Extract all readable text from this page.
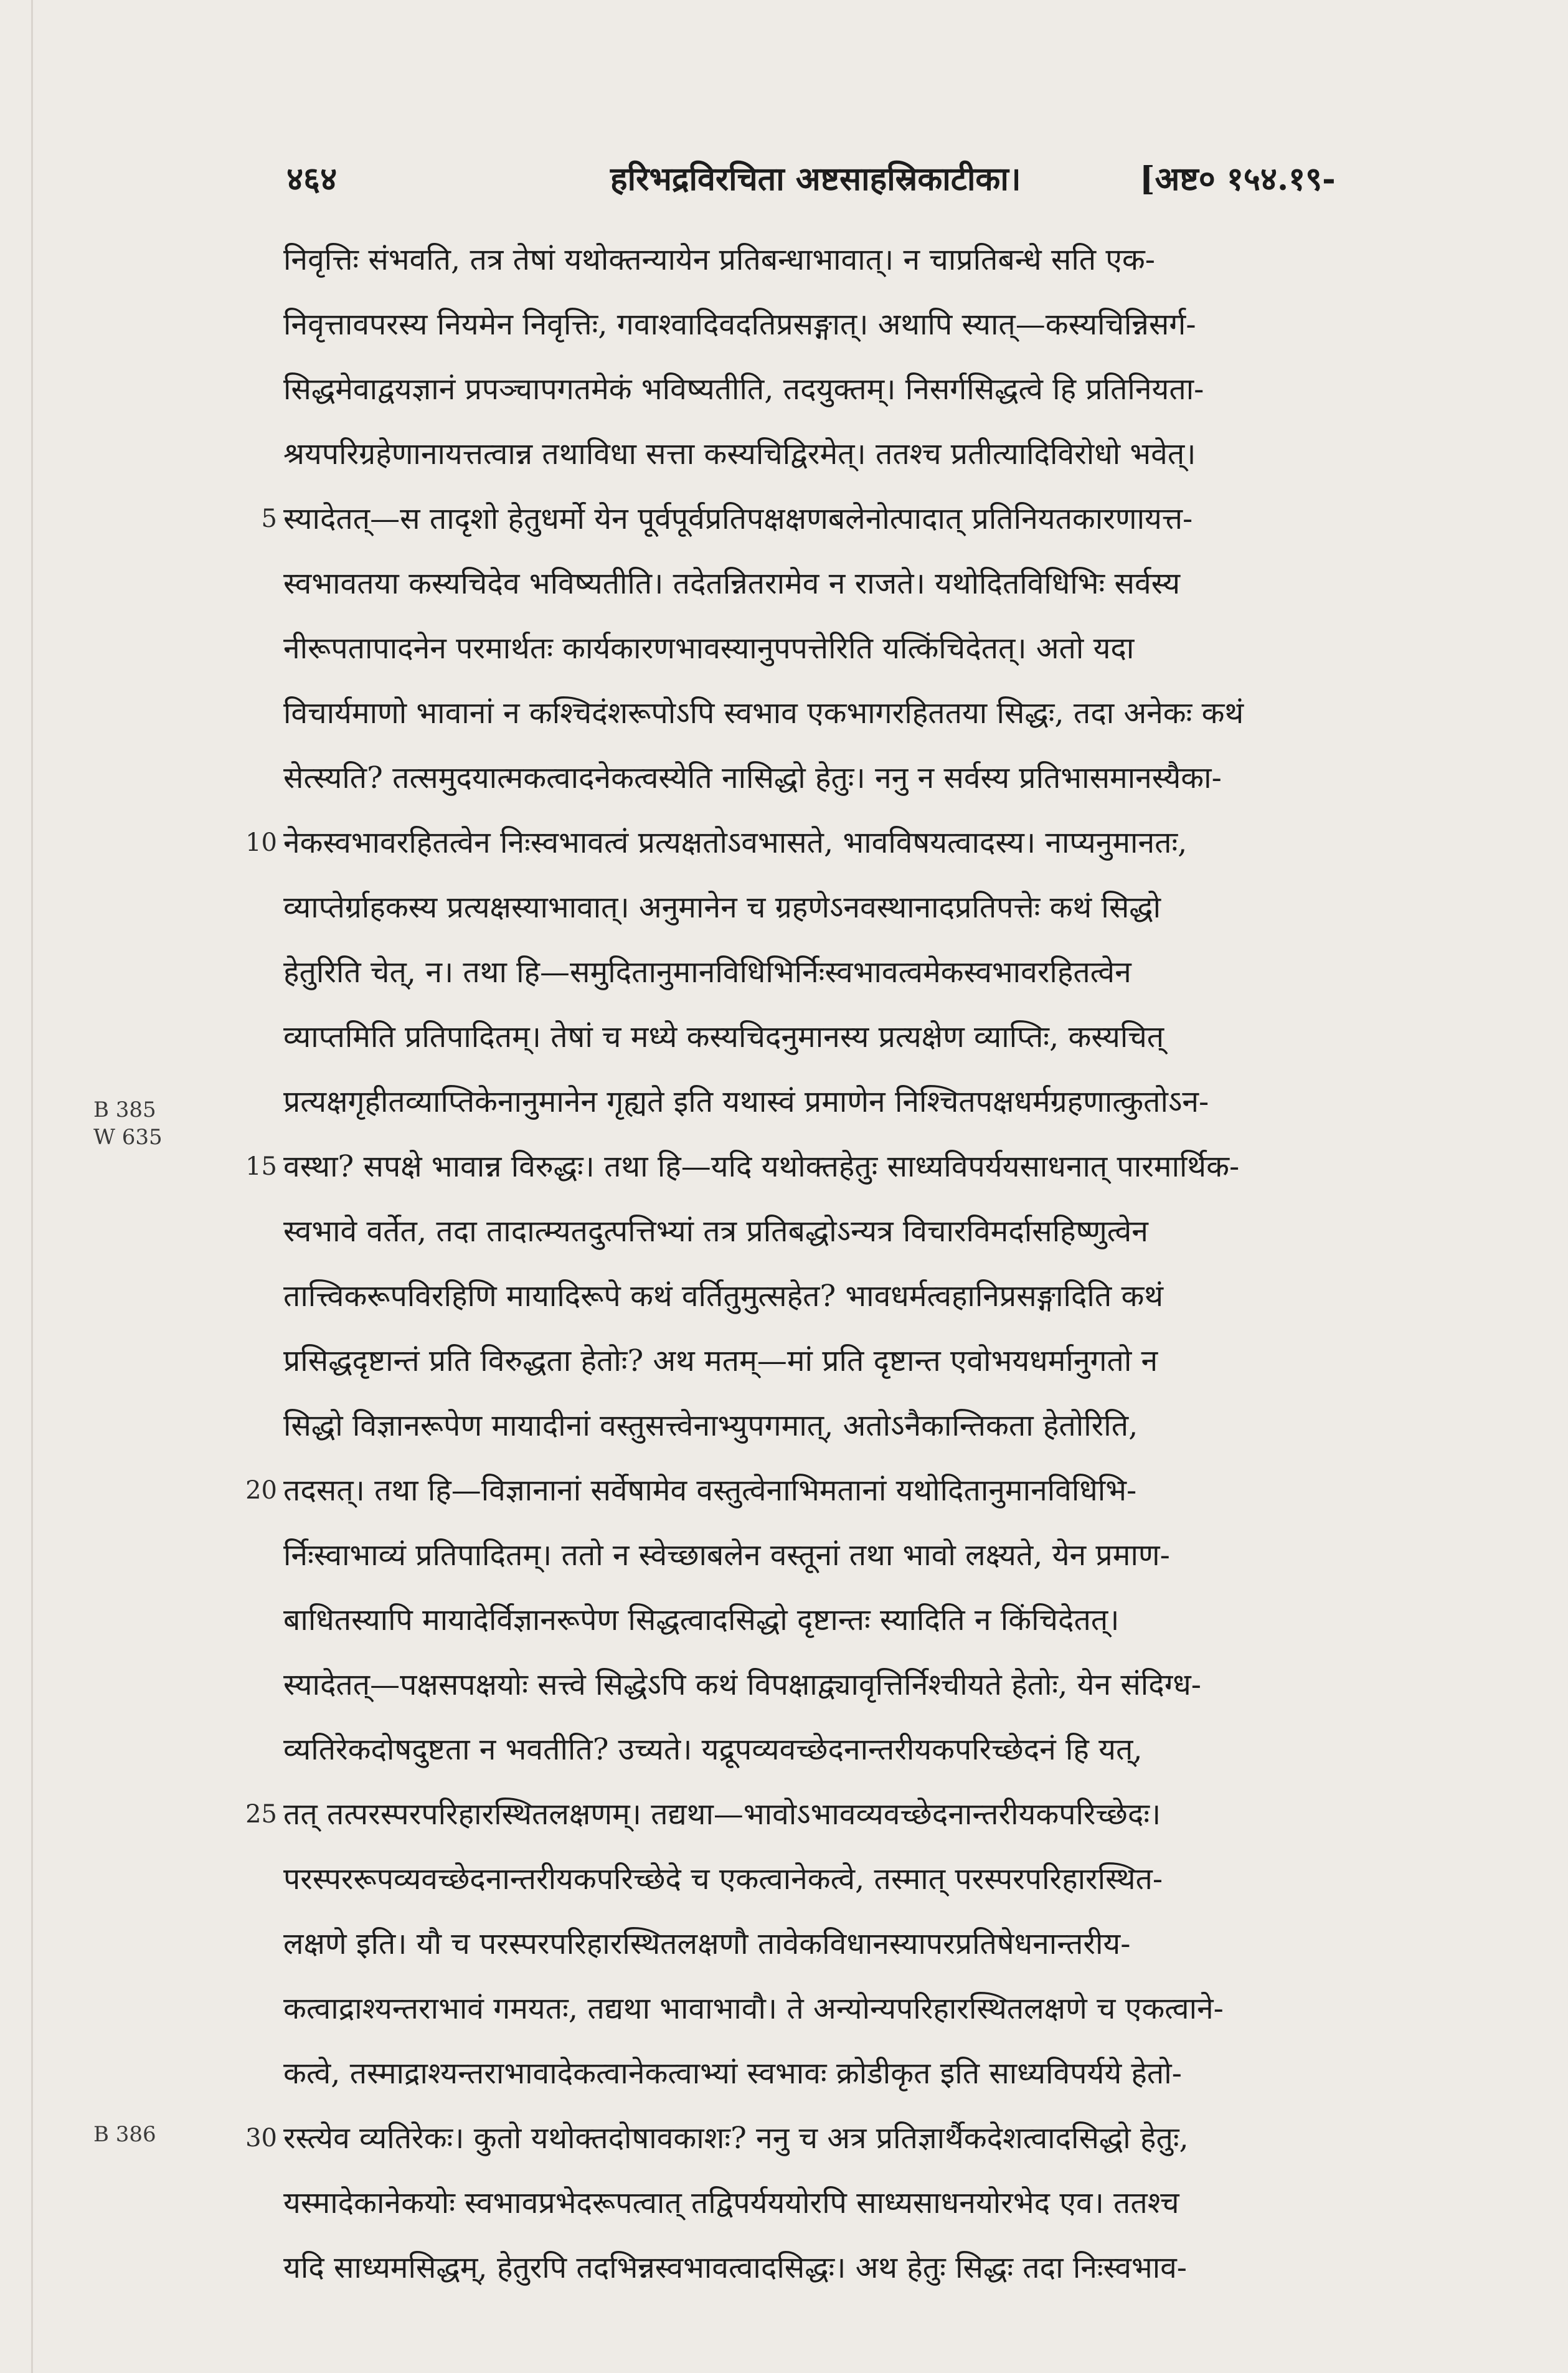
४६४	हरिभद्रविरचिता अष्टसाहस्रिकाटीका।	[अष्ट० १५४.१९-
B 385
W 635
B 386
निवृत्तिः संभवति, तत्र तेषां यथोक्तन्यायेन प्रतिबन्धाभावात्। न चाप्रतिबन्धे सति एक-
निवृत्तावपरस्य नियमेन निवृत्तिः, गवाश्वादिवदतिप्रसङ्गात्। अथापि स्यात्—कस्यचिन्निसर्ग-
सिद्धमेवाद्वयज्ञानं प्रपञ्चापगतमेकं भविष्यतीति, तदयुक्तम्। निसर्गसिद्धत्वे हि प्रतिनियता-
श्रयपरिग्रहेणानायत्तत्वान्न तथाविधा सत्ता कस्यचिद्विरमेत्। ततश्च प्रतीत्यादिविरोधो भवेत्।
5 स्यादेतत्—स तादृशो हेतुधर्मो येन पूर्वपूर्वप्रतिपक्षक्षणबलेनोत्पादात् प्रतिनियतकारणायत्त-
स्वभावतया कस्यचिदेव भविष्यतीति। तदेतन्नितरामेव न राजते। यथोदितविधिभिः सर्वस्य
नीरूपतापादनेन परमार्थतः कार्यकारणभावस्यानुपपत्तेरिति यत्किंचिदेतत्। अतो यदा
विचार्यमाणो भावानां न कश्चिदंशरूपोऽपि स्वभाव एकभागरहिततया सिद्धः, तदा अनेकः कथं
सेत्स्यति? तत्समुदयात्मकत्वादनेकत्वस्येति नासिद्धो हेतुः। ननु न सर्वस्य प्रतिभासमानस्यैका-
10 नेकस्वभावरहितत्वेन निःस्वभावत्वं प्रत्यक्षतोऽवभासते, भावविषयत्वादस्य। नाप्यनुमानतः,
व्याप्तेर्ग्राहकस्य प्रत्यक्षस्याभावात्। अनुमानेन च ग्रहणेऽनवस्थानादप्रतिपत्तेः कथं सिद्धो
हेतुरिति चेत्, न। तथा हि—समुदितानुमानविधिभिर्निःस्वभावत्वमेकस्वभावरहितत्वेन
व्याप्तमिति प्रतिपादितम्। तेषां च मध्ये कस्यचिदनुमानस्य प्रत्यक्षेण व्याप्तिः, कस्यचित्
प्रत्यक्षगृहीतव्याप्तिकेनानुमानेन गृह्यते इति यथास्वं प्रमाणेन निश्चितपक्षधर्मग्रहणात्कुतोऽन-
15 वस्था? सपक्षे भावान्न विरुद्धः। तथा हि—यदि यथोक्तहेतुः साध्यविपर्ययसाधनात् पारमार्थिक-
स्वभावे वर्तेत, तदा तादात्म्यतदुत्पत्तिभ्यां तत्र प्रतिबद्धोऽन्यत्र विचारविमर्दासहिष्णुत्वेन
तात्त्विकरूपविरहिणि मायादिरूपे कथं वर्तितुमुत्सहेत? भावधर्मत्वहानिप्रसङ्गादिति कथं
प्रसिद्धदृष्टान्तं प्रति विरुद्धता हेतोः? अथ मतम्—मां प्रति दृष्टान्त एवोभयधर्मानुगतो न
सिद्धो विज्ञानरूपेण मायादीनां वस्तुसत्त्वेनाभ्युपगमात्, अतोऽनैकान्तिकता हेतोरिति,
20 तदसत्। तथा हि—विज्ञानानां सर्वेषामेव वस्तुत्वेनाभिमतानां यथोदितानुमानविधिभि-
र्निःस्वाभाव्यं प्रतिपादितम्। ततो न स्वेच्छाबलेन वस्तूनां तथा भावो लक्ष्यते, येन प्रमाण-
बाधितस्यापि मायादेर्विज्ञानरूपेण सिद्धत्वादसिद्धो दृष्टान्तः स्यादिति न किंचिदेतत्।
स्यादेतत्—पक्षसपक्षयोः सत्त्वे सिद्धेऽपि कथं विपक्षाद्व्यावृत्तिर्निश्चीयते हेतोः, येन संदिग्ध-
व्यतिरेकदोषदुष्टता न भवतीति? उच्यते। यद्रूपव्यवच्छेदनान्तरीयकपरिच्छेदनं हि यत्,
25 तत् तत्परस्परपरिहारस्थितलक्षणम्। तद्यथा—भावोऽभावव्यवच्छेदनान्तरीयकपरिच्छेदः।
परस्पररूपव्यवच्छेदनान्तरीयकपरिच्छेदे च एकत्वानेकत्वे, तस्मात् परस्परपरिहारस्थित-
लक्षणे इति। यौ च परस्परपरिहारस्थितलक्षणौ तावेकविधानस्यापरप्रतिषेधनान्तरीय-
कत्वाद्राश्यन्तराभावं गमयतः, तद्यथा भावाभावौ। ते अन्योन्यपरिहारस्थितलक्षणे च एकत्वाने-
कत्वे, तस्माद्राश्यन्तराभावादेकत्वानेकत्वाभ्यां स्वभावः क्रोडीकृत इति साध्यविपर्यये हेतो-
30 रस्त्येव व्यतिरेकः। कुतो यथोक्तदोषावकाशः? ननु च अत्र प्रतिज्ञार्थैकदेशत्वादसिद्धो हेतुः,
यस्मादेकानेकयोः स्वभावप्रभेदरूपत्वात् तद्विपर्यययोरपि साध्यसाधनयोरभेद एव। ततश्च
यदि साध्यमसिद्धम्, हेतुरपि तदभिन्नस्वभावत्वादसिद्धः। अथ हेतुः सिद्धः तदा निःस्वभाव-
